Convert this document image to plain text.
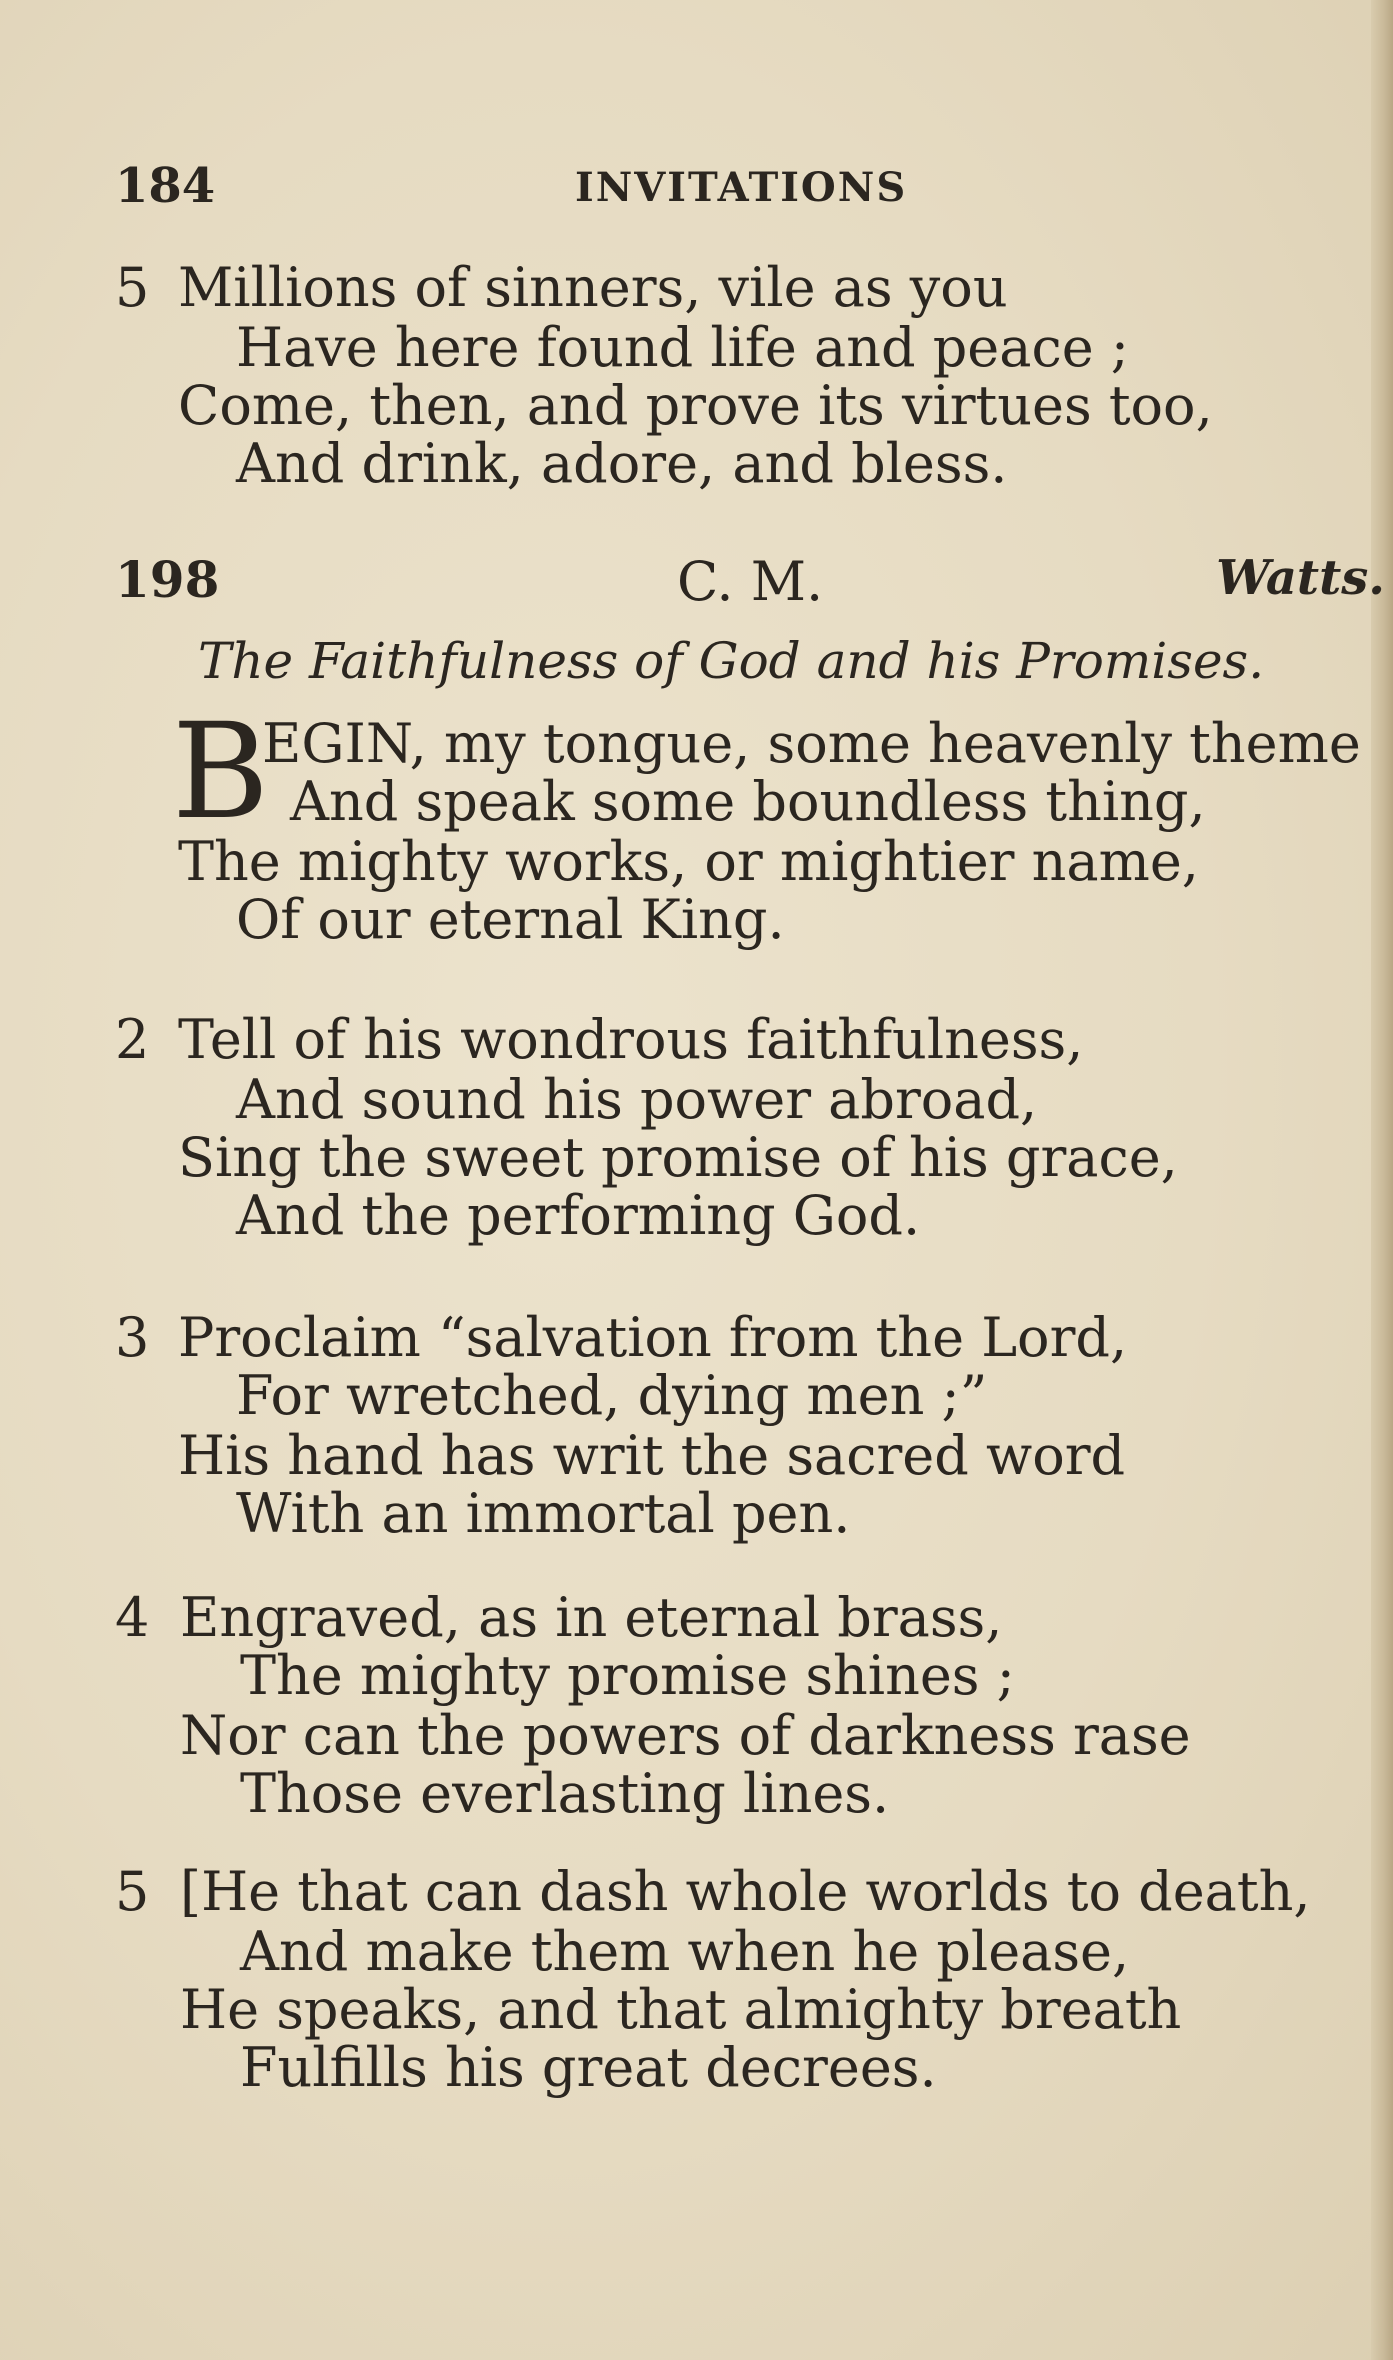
184	INVITATIONS
5 Millions of sinners, vile as you
Have here found life and peace ;
Come, then, and prove its virtues too,
And drink, adore, and bless.
198	C. M.	Watts.
The Faithfulness of God and his Promises.
B
EGIN, my tongue, some heavenly theme
And speak some boundless thing,
The mighty works, or mightier name,
Of our eternal King.
2 Tell of his wondrous faithfulness,
And sound his power abroad,
Sing the sweet promise of his grace,
And the performing God.
3 Proclaim “salvation from the Lord,
For wretched, dying men ;”
His hand has writ the sacred word
With an immortal pen.
4 Engraved, as in eternal brass,
The mighty promise shines ;
Nor can the powers of darkness rase
Those everlasting lines.
5 [He that can dash whole worlds to death,
And make them when he please,
He speaks, and that almighty breath
Fulfills his great decrees.
